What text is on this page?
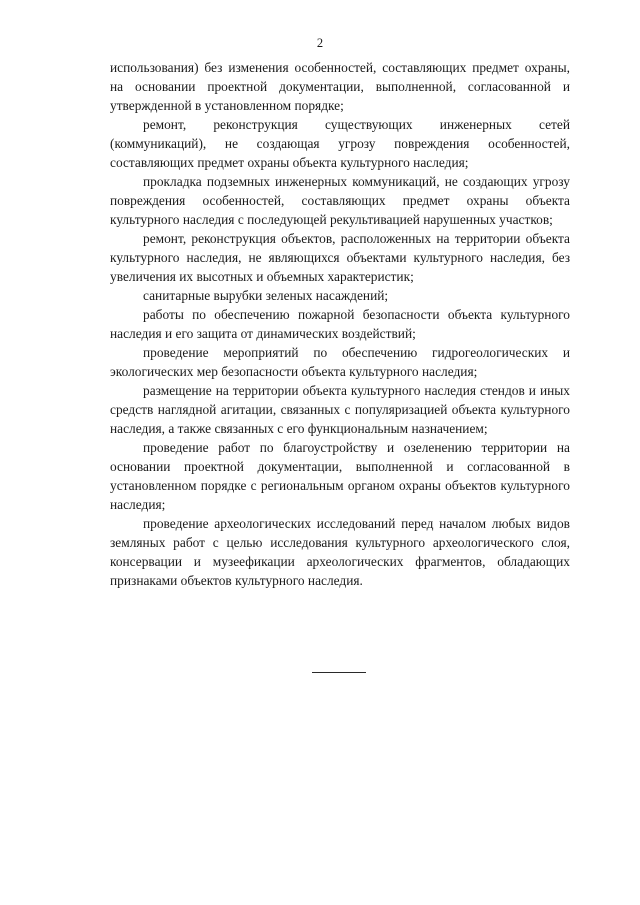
2

использования) без изменения особенностей, составляющих предмет охраны, на основании проектной документации, выполненной, согласованной и утвержденной в установленном порядке;

ремонт, реконструкция существующих инженерных сетей (коммуникаций), не создающая угрозу повреждения особенностей, составляющих предмет охраны объекта культурного наследия;

прокладка подземных инженерных коммуникаций, не создающих угрозу повреждения особенностей, составляющих предмет охраны объекта культурного наследия с последующей рекультивацией нарушенных участков;

ремонт, реконструкция объектов, расположенных на территории объекта культурного наследия, не являющихся объектами культурного наследия, без увеличения их высотных и объемных характеристик;

санитарные вырубки зеленых насаждений;

работы по обеспечению пожарной безопасности объекта культурного наследия и его защита от динамических воздействий;

проведение мероприятий по обеспечению гидрогеологических и экологических мер безопасности объекта культурного наследия;

размещение на территории объекта культурного наследия стендов и иных средств наглядной агитации, связанных с популяризацией объекта культурного наследия, а также связанных с его функциональным назначением;

проведение работ по благоустройству и озеленению территории на основании проектной документации, выполненной и согласованной в установленном порядке с региональным органом охраны объектов культурного наследия;

проведение археологических исследований перед началом любых видов земляных работ с целью исследования культурного археологического слоя, консервации и музеефикации археологических фрагментов, обладающих признаками объектов культурного наследия.
